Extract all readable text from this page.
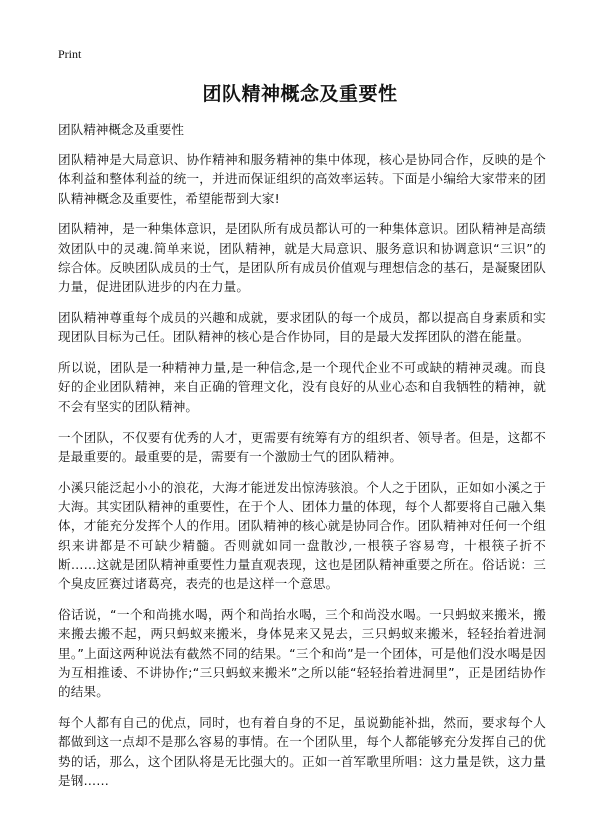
Print
团队精神概念及重要性

团队精神概念及重要性

团队精神是大局意识、协作精神和服务精神的集中体现，核心是协同合作，反映的是个体利益和整体利益的统一，并进而保证组织的高效率运转。下面是小编给大家带来的团队精神概念及重要性，希望能帮到大家!

团队精神，是一种集体意识，是团队所有成员都认可的一种集体意识。团队精神是高绩效团队中的灵魂.简单来说，团队精神，就是大局意识、服务意识和协调意识“三识”的综合体。反映团队成员的士气，是团队所有成员价值观与理想信念的基石，是凝聚团队力量，促进团队进步的内在力量。

团队精神尊重每个成员的兴趣和成就，要求团队的每一个成员，都以提高自身素质和实现团队目标为己任。团队精神的核心是合作协同，目的是最大发挥团队的潜在能量。

所以说，团队是一种精神力量,是一种信念,是一个现代企业不可或缺的精神灵魂。而良好的企业团队精神，来自正确的管理文化，没有良好的从业心态和自我牺牲的精神，就不会有坚实的团队精神。

一个团队，不仅要有优秀的人才，更需要有统筹有方的组织者、领导者。但是，这都不是最重要的。最重要的是，需要有一个激励士气的团队精神。

小溪只能泛起小小的浪花，大海才能迸发出惊涛骇浪。个人之于团队，正如如小溪之于大海。其实团队精神的重要性，在于个人、团体力量的体现，每个人都要将自己融入集体，才能充分发挥个人的作用。团队精神的核心就是协同合作。团队精神对任何一个组织来讲都是不可缺少精髓。否则就如同一盘散沙,一根筷子容易弯，十根筷子折不断……这就是团队精神重要性力量直观表现，这也是团队精神重要之所在。俗话说：三个臭皮匠赛过诸葛亮，表壳的也是这样一个意思。

俗话说，“一个和尚挑水喝，两个和尚抬水喝，三个和尚没水喝。一只蚂蚁来搬米，搬来搬去搬不起，两只蚂蚁来搬米，身体晃来又晃去，三只蚂蚁来搬米，轻轻抬着进洞里。”上面这两种说法有截然不同的结果。“三个和尚”是一个团体，可是他们没水喝是因为互相推诿、不讲协作;“三只蚂蚁来搬米”之所以能“轻轻抬着进洞里”，正是团结协作的结果。

每个人都有自己的优点，同时，也有着自身的不足，虽说勤能补拙，然而，要求每个人都做到这一点却不是那么容易的事情。在一个团队里，每个人都能够充分发挥自己的优势的话，那么，这个团队将是无比强大的。正如一首军歌里所唱：这力量是铁，这力量是钢……
